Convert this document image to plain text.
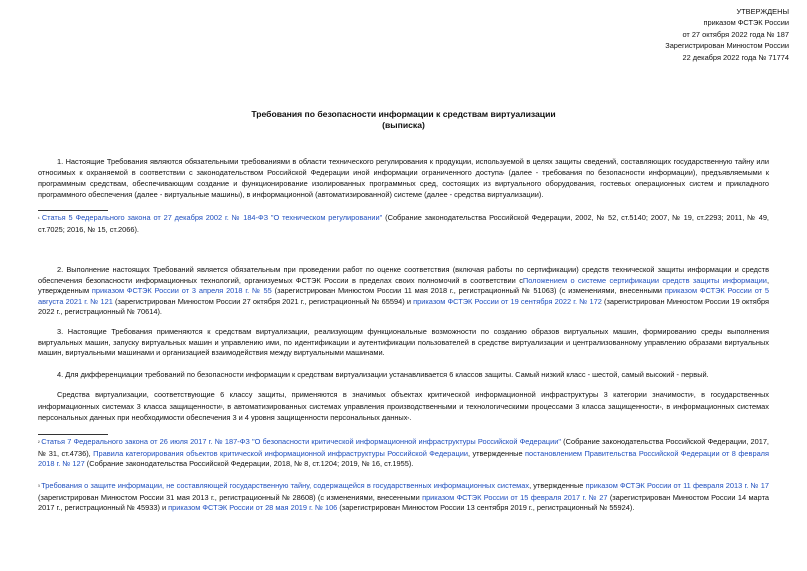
УТВЕРЖДЕНЫ
приказом ФСТЭК России
от 27 октября 2022 года № 187
Зарегистрирован Минюстом России
22 декабря 2022 года № 71774
Требования по безопасности информации к средствам виртуализации
(выписка)
1. Настоящие Требования являются обязательными требованиями в области технического регулирования к продукции, используемой в целях защиты сведений, составляющих государственную тайну или относимых к охраняемой в соответствии с законодательством Российской Федерации иной информации ограниченного доступа¹ (далее - требования по безопасности информации), предъявляемыми к программным средствам, обеспечивающим создание и функционирование изолированных программных сред, состоящих из виртуального оборудования, гостевых операционных систем и прикладного программного обеспечения (далее - виртуальные машины), в информационной (автоматизированной) системе (далее - средства виртуализации).
¹ Статья 5 Федерального закона от 27 декабря 2002 г. № 184-ФЗ "О техническом регулировании" (Собрание законодательства Российской Федерации, 2002, № 52, ст.5140; 2007, № 19, ст.2293; 2011, № 49, ст.7025; 2016, № 15, ст.2066).
2. Выполнение настоящих Требований является обязательным при проведении работ по оценке соответствия (включая работы по сертификации) средств технической защиты информации и средств обеспечения безопасности информационных технологий, организуемых ФСТЭК России в пределах своих полномочий в соответствии сПоложением о системе сертификации средств защиты информации, утвержденным приказом ФСТЭК России от 3 апреля 2018 г. № 55 (зарегистрирован Минюстом России 11 мая 2018 г., регистрационный № 51063) (с изменениями, внесенными приказом ФСТЭК России от 5 августа 2021 г. № 121 (зарегистрирован Минюстом России 27 октября 2021 г., регистрационный № 65594) и приказом ФСТЭК России от 19 сентября 2022 г. № 172 (зарегистрирован Минюстом России 19 октября 2022 г., регистрационный № 70614).
3. Настоящие Требования применяются к средствам виртуализации, реализующим функциональные возможности по созданию образов виртуальных машин, формированию среды выполнения виртуальных машин, запуску виртуальных машин и управлению ими, по идентификации и аутентификации пользователей в средстве виртуализации и централизованному управлению образами виртуальных машин, виртуальными машинами и организацией взаимодействия между виртуальными машинами.
4. Для дифференциации требований по безопасности информации к средствам виртуализации устанавливается 6 классов защиты. Самый низкий класс - шестой, самый высокий - первый.
Средства виртуализации, соответствующие 6 классу защиты, применяются в значимых объектах критической информационной инфраструктуры 3 категории значимости², в государственных информационных системах 3 класса защищенности³, в автоматизированных системах управления производственными и технологическими процессами 3 класса защищенности⁴, в информационных системах персональных данных при необходимости обеспечения 3 и 4 уровня защищенности персональных данных⁵.
² Статья 7 Федерального закона от 26 июля 2017 г. № 187-ФЗ "О безопасности критической информационной инфраструктуры Российской Федерации" (Собрание законодательства Российской Федерации, 2017, № 31, ст.4736), Правила категорирования объектов критической информационной инфраструктуры Российской Федерации, утвержденные постановлением Правительства Российской Федерации от 8 февраля 2018 г. № 127 (Собрание законодательства Российской Федерации, 2018, № 8, ст.1204; 2019, № 16, ст.1955).
³ Требования о защите информации, не составляющей государственную тайну, содержащейся в государственных информационных системах, утвержденные приказом ФСТЭК России от 11 февраля 2013 г. № 17 (зарегистрирован Минюстом России 31 мая 2013 г., регистрационный № 28608) (с изменениями, внесенными приказом ФСТЭК России от 15 февраля 2017 г. № 27 (зарегистрирован Минюстом России 14 марта 2017 г., регистрационный № 45933) и приказом ФСТЭК России от 28 мая 2019 г. № 106 (зарегистрирован Минюстом России 13 сентября 2019 г., регистрационный № 55924).
